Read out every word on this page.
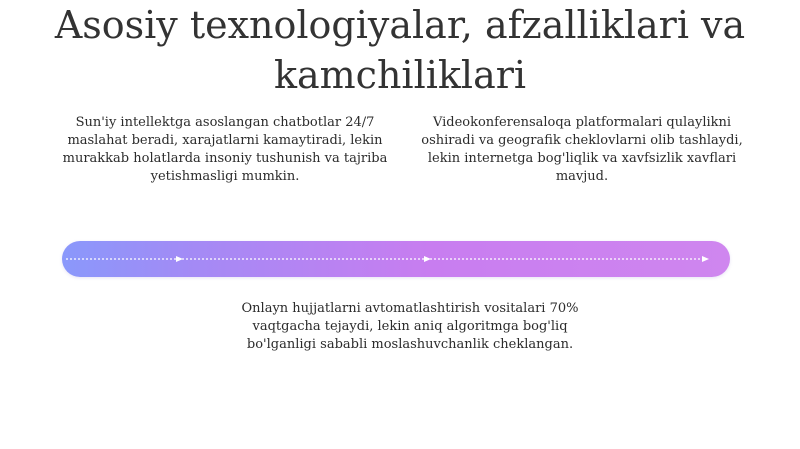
Asosiy texnologiyalar, afzalliklari va kamchiliklari
Sun'iy intellektga asoslangan chatbotlar 24/7 maslahat beradi, xarajatlarni kamaytiradi, lekin murakkab holatlarda insoniy tushunish va tajriba yetishmasligi mumkin.
Videokonferensaloqa platformalari qulaylikni oshiradi va geografik cheklovlarni olib tashlaydi, lekin internetga bog'liqlik va xavfsizlik xavflari mavjud.
Onlayn hujjatlarni avtomatlashtirish vositalari 70% vaqtgacha tejaydi, lekin aniq algoritmga bog'liq bo'lganligi sababli moslashuvchanlik cheklangan.
